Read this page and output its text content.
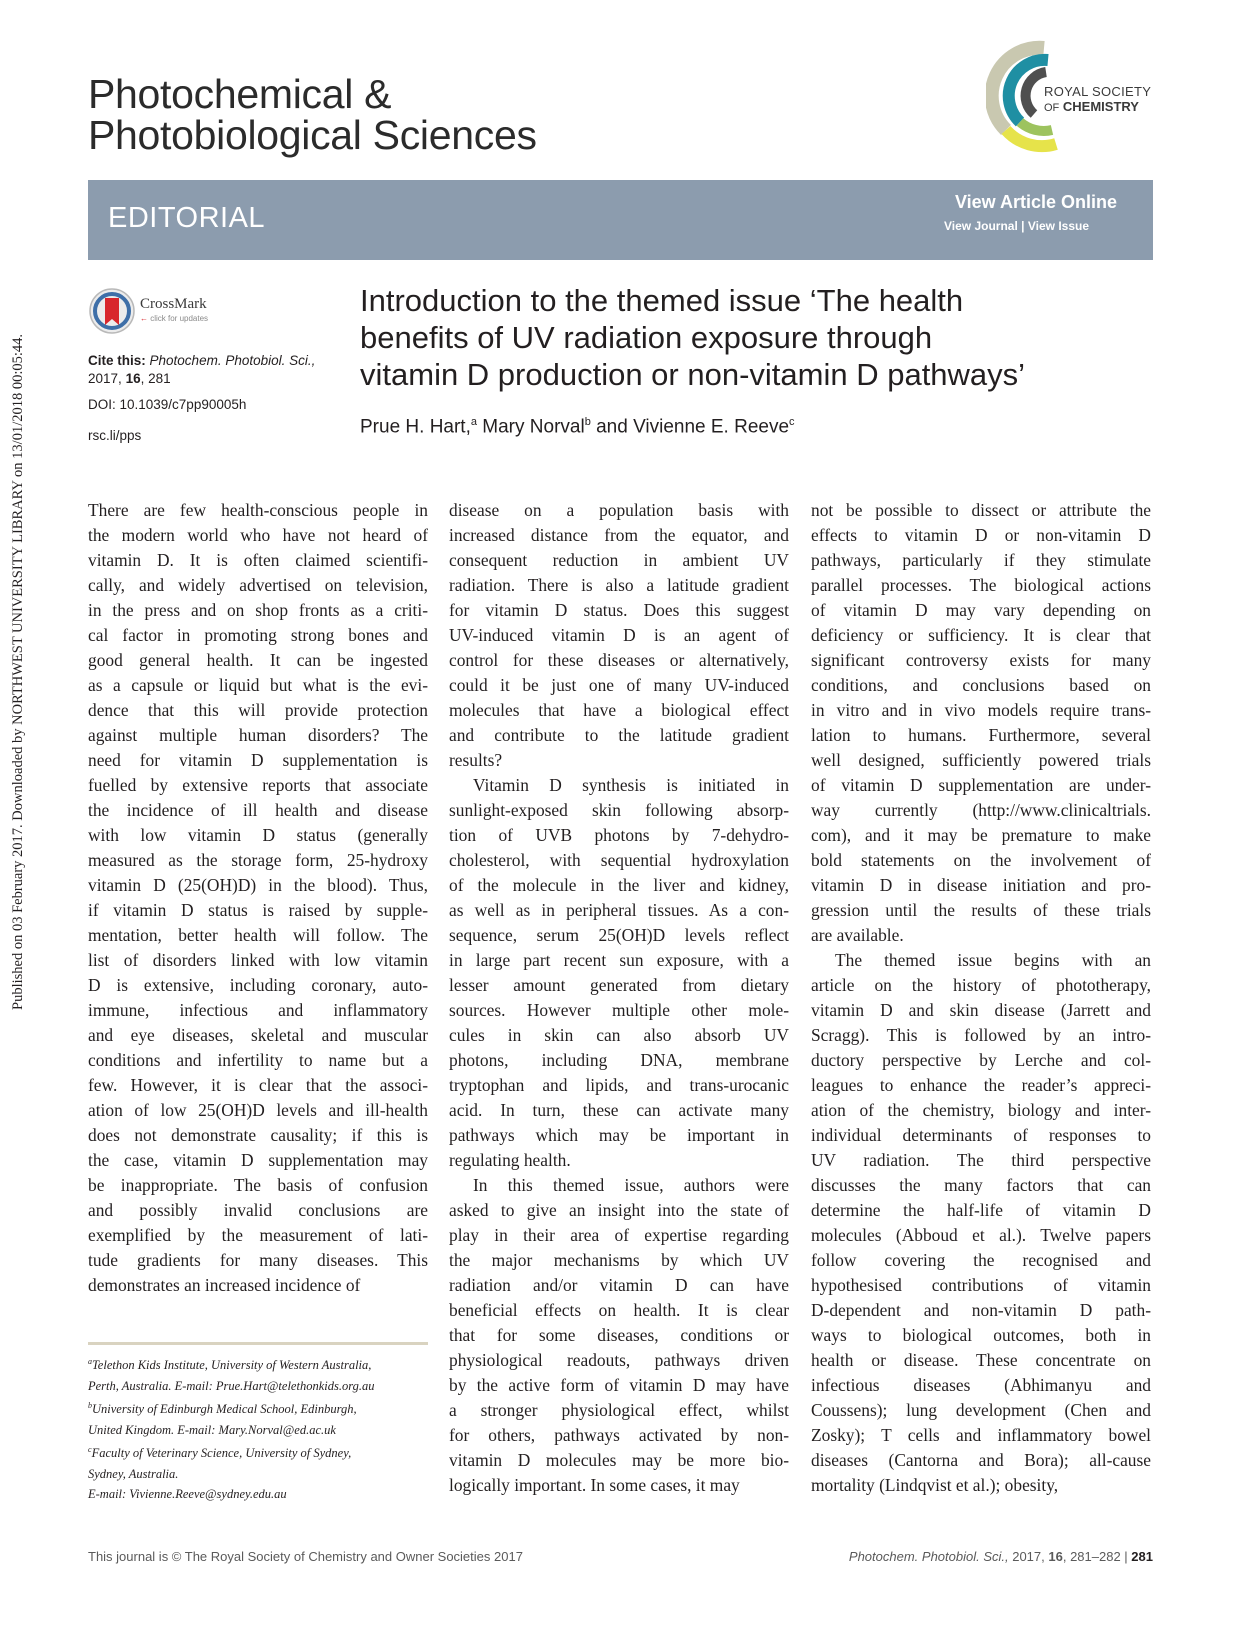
Published on 03 February 2017. Downloaded by NORTHWEST UNIVERSITY LIBRARY on 13/01/2018 00:05:44.
Photochemical &
Photobiological Sciences
ROYAL SOCIETY
OF CHEMISTRY
EDITORIAL	View Article Online
View Journal | View Issue
CrossMark
← click for updates
Cite this: Photochem. Photobiol. Sci.,
2017, 16, 281
DOI: 10.1039/c7pp90005h
rsc.li/pps
Introduction to the themed issue ‘The health
benefits of UV radiation exposure through
vitamin D production or non-vitamin D pathways’
Prue H. Hart,$^a$ Mary Norval$^b$ and Vivienne E. Reeve$^c$
There are few health-conscious people in
the modern world who have not heard of
vitamin D. It is often claimed scientifi-
cally, and widely advertised on television,
in the press and on shop fronts as a criti-
cal factor in promoting strong bones and
good general health. It can be ingested
as a capsule or liquid but what is the evi-
dence that this will provide protection
against multiple human disorders? The
need for vitamin D supplementation is
fuelled by extensive reports that associate
the incidence of ill health and disease
with low vitamin D status (generally
measured as the storage form, 25-hydroxy
vitamin D (25(OH)D) in the blood). Thus,
if vitamin D status is raised by supple-
mentation, better health will follow. The
list of disorders linked with low vitamin
D is extensive, including coronary, auto-
immune, infectious and inflammatory
and eye diseases, skeletal and muscular
conditions and infertility to name but a
few. However, it is clear that the associ-
ation of low 25(OH)D levels and ill-health
does not demonstrate causality; if this is
the case, vitamin D supplementation may
be inappropriate. The basis of confusion
and possibly invalid conclusions are
exemplified by the measurement of lati-
tude gradients for many diseases. This
demonstrates an increased incidence of
disease on a population basis with
increased distance from the equator, and
consequent reduction in ambient UV
radiation. There is also a latitude gradient
for vitamin D status. Does this suggest
UV-induced vitamin D is an agent of
control for these diseases or alternatively,
could it be just one of many UV-induced
molecules that have a biological effect
and contribute to the latitude gradient
results?
Vitamin D synthesis is initiated in
sunlight-exposed skin following absorp-
tion of UVB photons by 7-dehydro-
cholesterol, with sequential hydroxylation
of the molecule in the liver and kidney,
as well as in peripheral tissues. As a con-
sequence, serum 25(OH)D levels reflect
in large part recent sun exposure, with a
lesser amount generated from dietary
sources. However multiple other mole-
cules in skin can also absorb UV
photons, including DNA, membrane
tryptophan and lipids, and trans-urocanic
acid. In turn, these can activate many
pathways which may be important in
regulating health.
In this themed issue, authors were
asked to give an insight into the state of
play in their area of expertise regarding
the major mechanisms by which UV
radiation and/or vitamin D can have
beneficial effects on health. It is clear
that for some diseases, conditions or
physiological readouts, pathways driven
by the active form of vitamin D may have
a stronger physiological effect, whilst
for others, pathways activated by non-
vitamin D molecules may be more bio-
logically important. In some cases, it may
not be possible to dissect or attribute the
effects to vitamin D or non-vitamin D
pathways, particularly if they stimulate
parallel processes. The biological actions
of vitamin D may vary depending on
deficiency or sufficiency. It is clear that
significant controversy exists for many
conditions, and conclusions based on
in vitro and in vivo models require trans-
lation to humans. Furthermore, several
well designed, sufficiently powered trials
of vitamin D supplementation are under-
way currently (http://www.clinicaltrials.
com), and it may be premature to make
bold statements on the involvement of
vitamin D in disease initiation and pro-
gression until the results of these trials
are available.
The themed issue begins with an
article on the history of phototherapy,
vitamin D and skin disease (Jarrett and
Scragg). This is followed by an intro-
ductory perspective by Lerche and col-
leagues to enhance the reader’s appreci-
ation of the chemistry, biology and inter-
individual determinants of responses to
UV radiation. The third perspective
discusses the many factors that can
determine the half-life of vitamin D
molecules (Abboud et al.). Twelve papers
follow covering the recognised and
hypothesised contributions of vitamin
D-dependent and non-vitamin D path-
ways to biological outcomes, both in
health or disease. These concentrate on
infectious diseases (Abhimanyu and
Coussens); lung development (Chen and
Zosky); T cells and inflammatory bowel
diseases (Cantorna and Bora); all-cause
mortality (Lindqvist et al.); obesity,
$^a$Telethon Kids Institute, University of Western Australia,
Perth, Australia. E-mail: Prue.Hart@telethonkids.org.au
$^b$University of Edinburgh Medical School, Edinburgh,
United Kingdom. E-mail: Mary.Norval@ed.ac.uk
$^c$Faculty of Veterinary Science, University of Sydney,
Sydney, Australia.
E-mail: Vivienne.Reeve@sydney.edu.au
This journal is © The Royal Society of Chemistry and Owner Societies 2017	Photochem. Photobiol. Sci., 2017, 16, 281–282 | 281
